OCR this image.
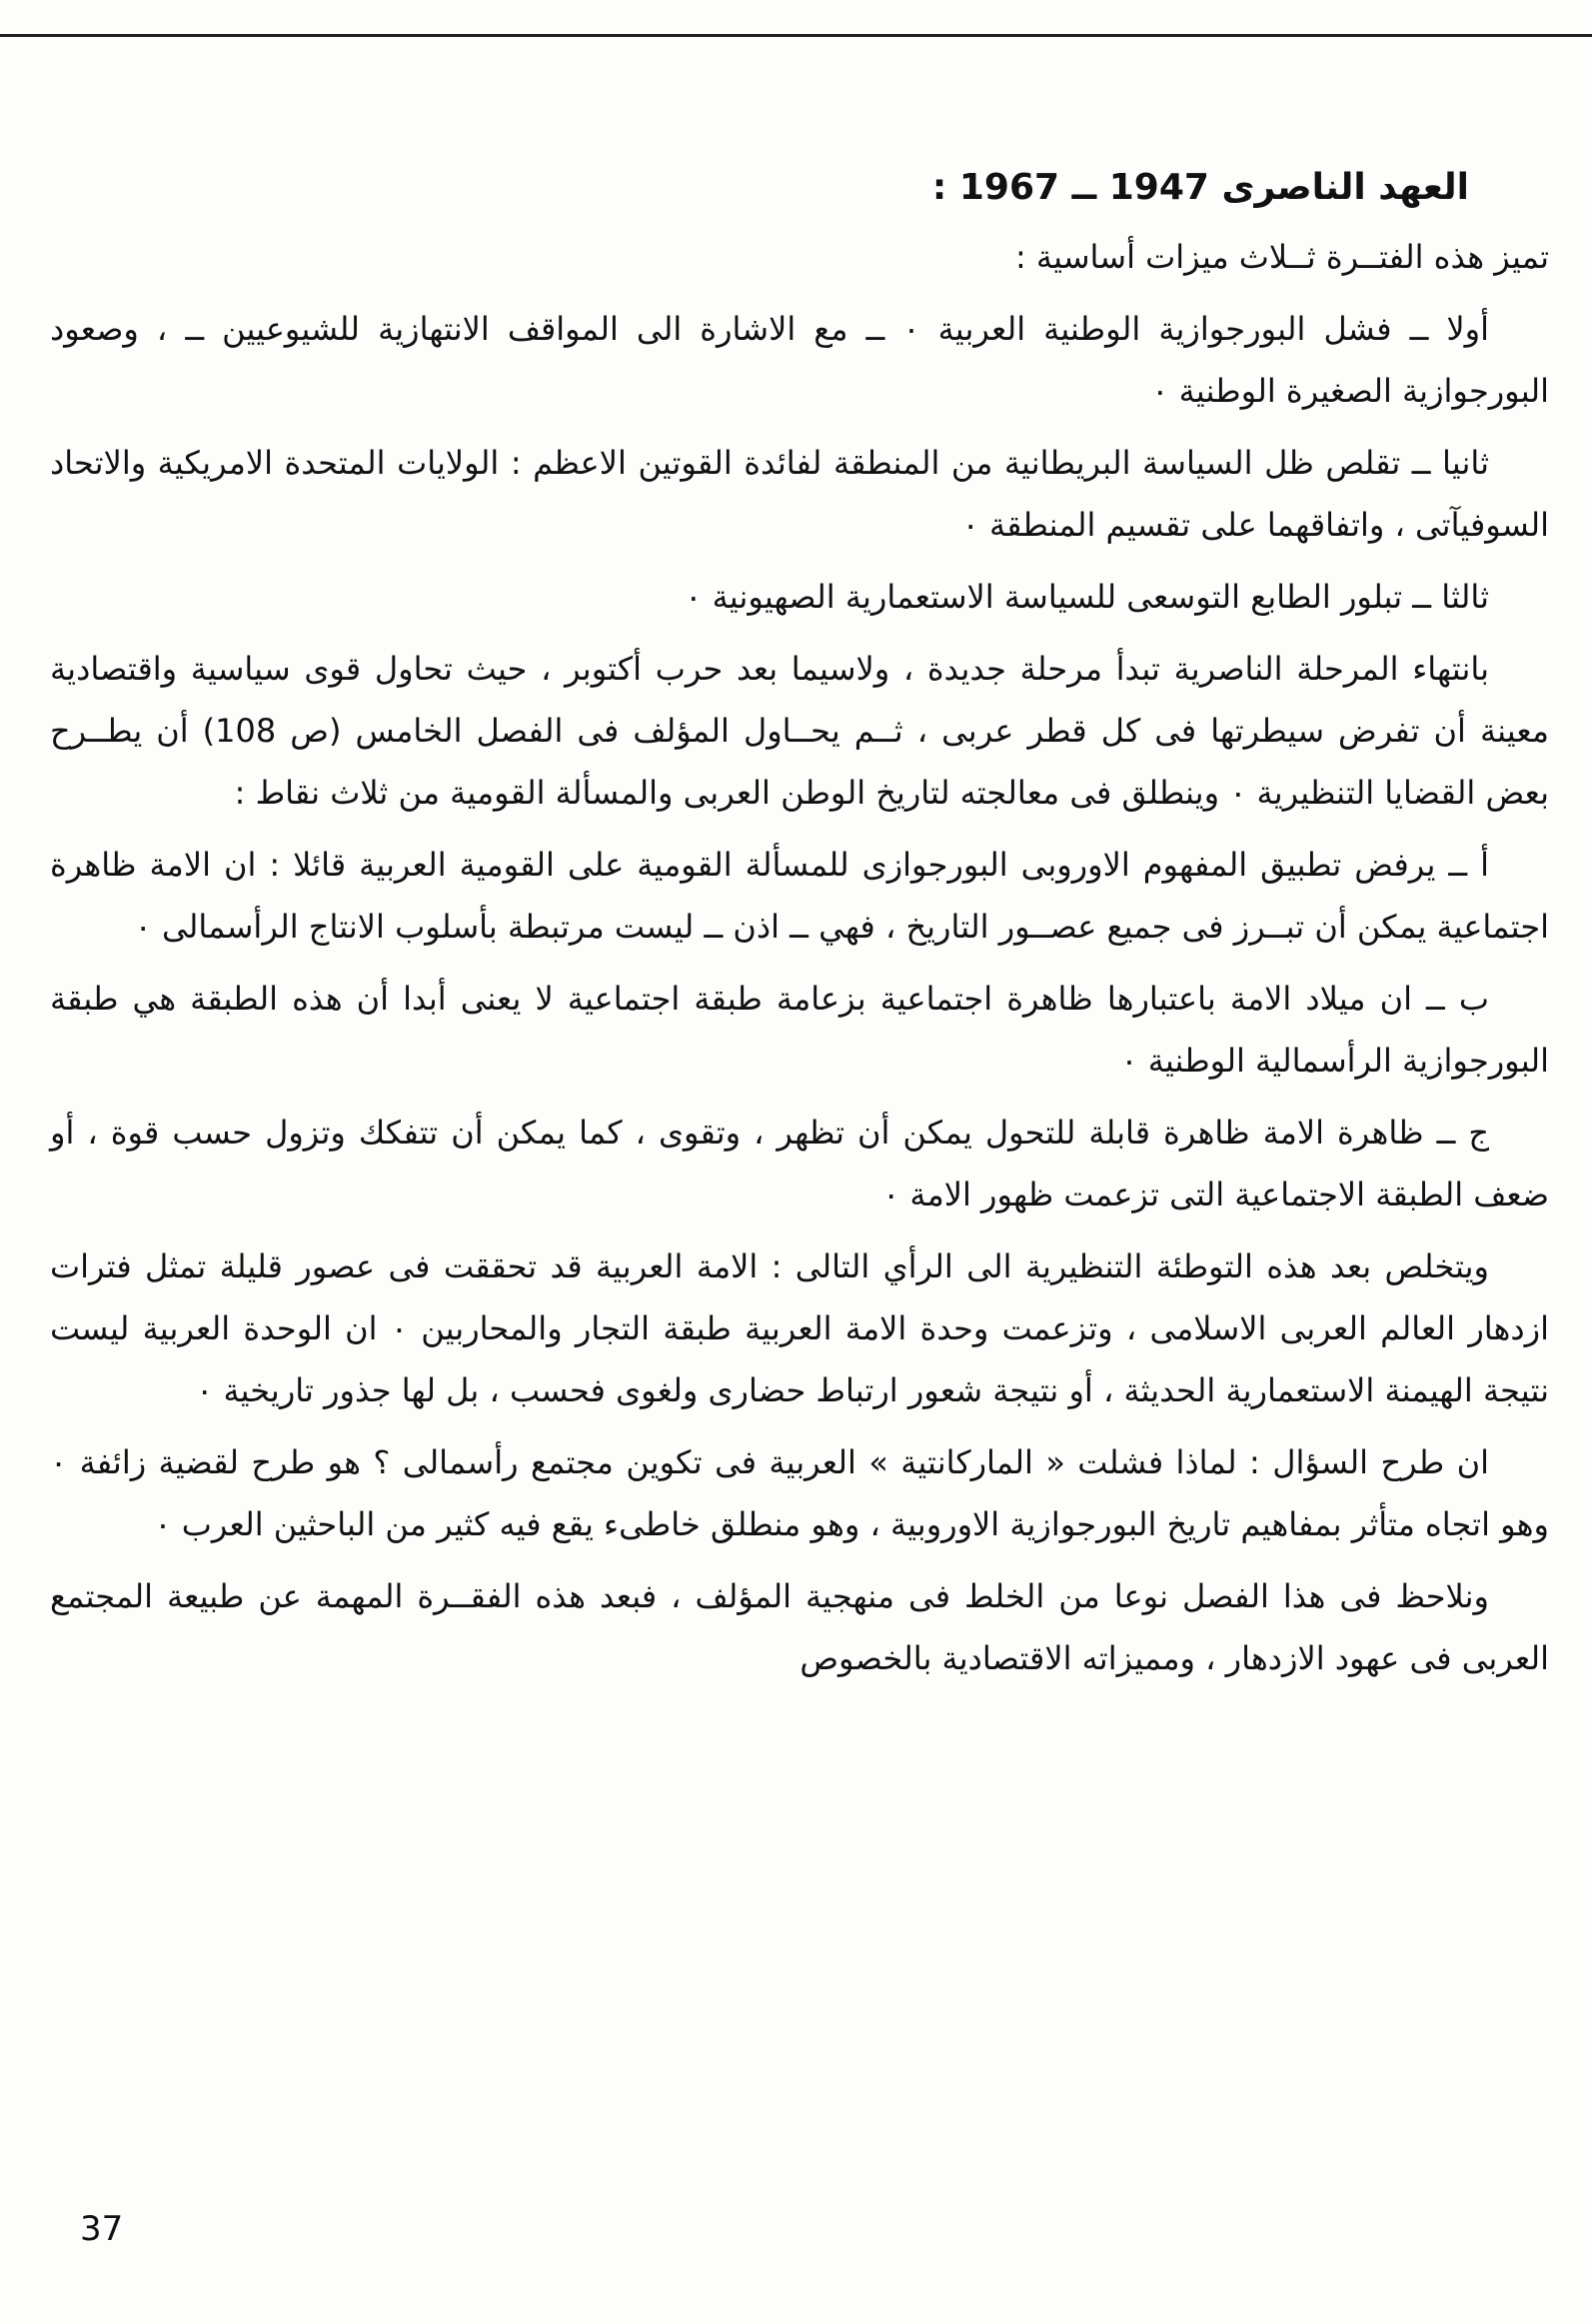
العهد الناصرى 1947 ــ 1967 :

تميز هذه الفتــرة ثــلاث ميزات أساسية :

أولا ــ فشل البورجوازية الوطنية العربية ٠ ــ مع الاشارة الى المواقف الانتهازية للشيوعيين ــ ، وصعود البورجوازية الصغيرة الوطنية ٠

ثانيا ــ تقلص ظل السياسة البريطانية من المنطقة لفائدة القوتين الاعظم : الولايات المتحدة الامريكية والاتحاد السوفيآتى ، واتفاقهما على تقسيم المنطقة ٠

ثالثا ــ تبلور الطابع التوسعى للسياسة الاستعمارية الصهيونية ٠

بانتهاء المرحلة الناصرية تبدأ مرحلة جديدة ، ولاسيما بعد حرب أكتوبر ، حيث تحاول قوى سياسية واقتصادية معينة أن تفرض سيطرتها فى كل قطر عربى ، ثــم يحــاول المؤلف فى الفصل الخامس (ص 108) أن يطــرح بعض القضايا التنظيرية ٠ وينطلق فى معالجته لتاريخ الوطن العربى والمسألة القومية من ثلاث نقاط :

أ ــ يرفض تطبيق المفهوم الاوروبى البورجوازى للمسألة القومية على القومية العربية قائلا : ان الامة ظاهرة اجتماعية يمكن أن تبــرز فى جميع عصــور التاريخ ، فهي ــ اذن ــ ليست مرتبطة بأسلوب الانتاج الرأسمالى ٠

ب ــ ان ميلاد الامة باعتبارها ظاهرة اجتماعية بزعامة طبقة اجتماعية لا يعنى أبدا أن هذه الطبقة هي طبقة البورجوازية الرأسمالية الوطنية ٠

ج ــ ظاهرة الامة ظاهرة قابلة للتحول يمكن أن تظهر ، وتقوى ، كما يمكن أن تتفكك وتزول حسب قوة ، أو ضعف الطبقة الاجتماعية التى تزعمت ظهور الامة ٠

ويتخلص بعد هذه التوطئة التنظيرية الى الرأي التالى : الامة العربية قد تحققت فى عصور قليلة تمثل فترات ازدهار العالم العربى الاسلامى ، وتزعمت وحدة الامة العربية طبقة التجار والمحاربين ٠ ان الوحدة العربية ليست نتيجة الهيمنة الاستعمارية الحديثة ، أو نتيجة شعور ارتباط حضارى ولغوى فحسب ، بل لها جذور تاريخية ٠

ان طرح السؤال : لماذا فشلت « الماركانتية » العربية فى تكوين مجتمع رأسمالى ؟ هو طرح لقضية زائفة ٠ وهو اتجاه متأثر بمفاهيم تاريخ البورجوازية الاوروبية ، وهو منطلق خاطىء يقع فيه كثير من الباحثين العرب ٠

ونلاحظ فى هذا الفصل نوعا من الخلط فى منهجية المؤلف ، فبعد هذه الفقــرة المهمة عن طبيعة المجتمع العربى فى عهود الازدهار ، ومميزاته الاقتصادية بالخصوص

37
